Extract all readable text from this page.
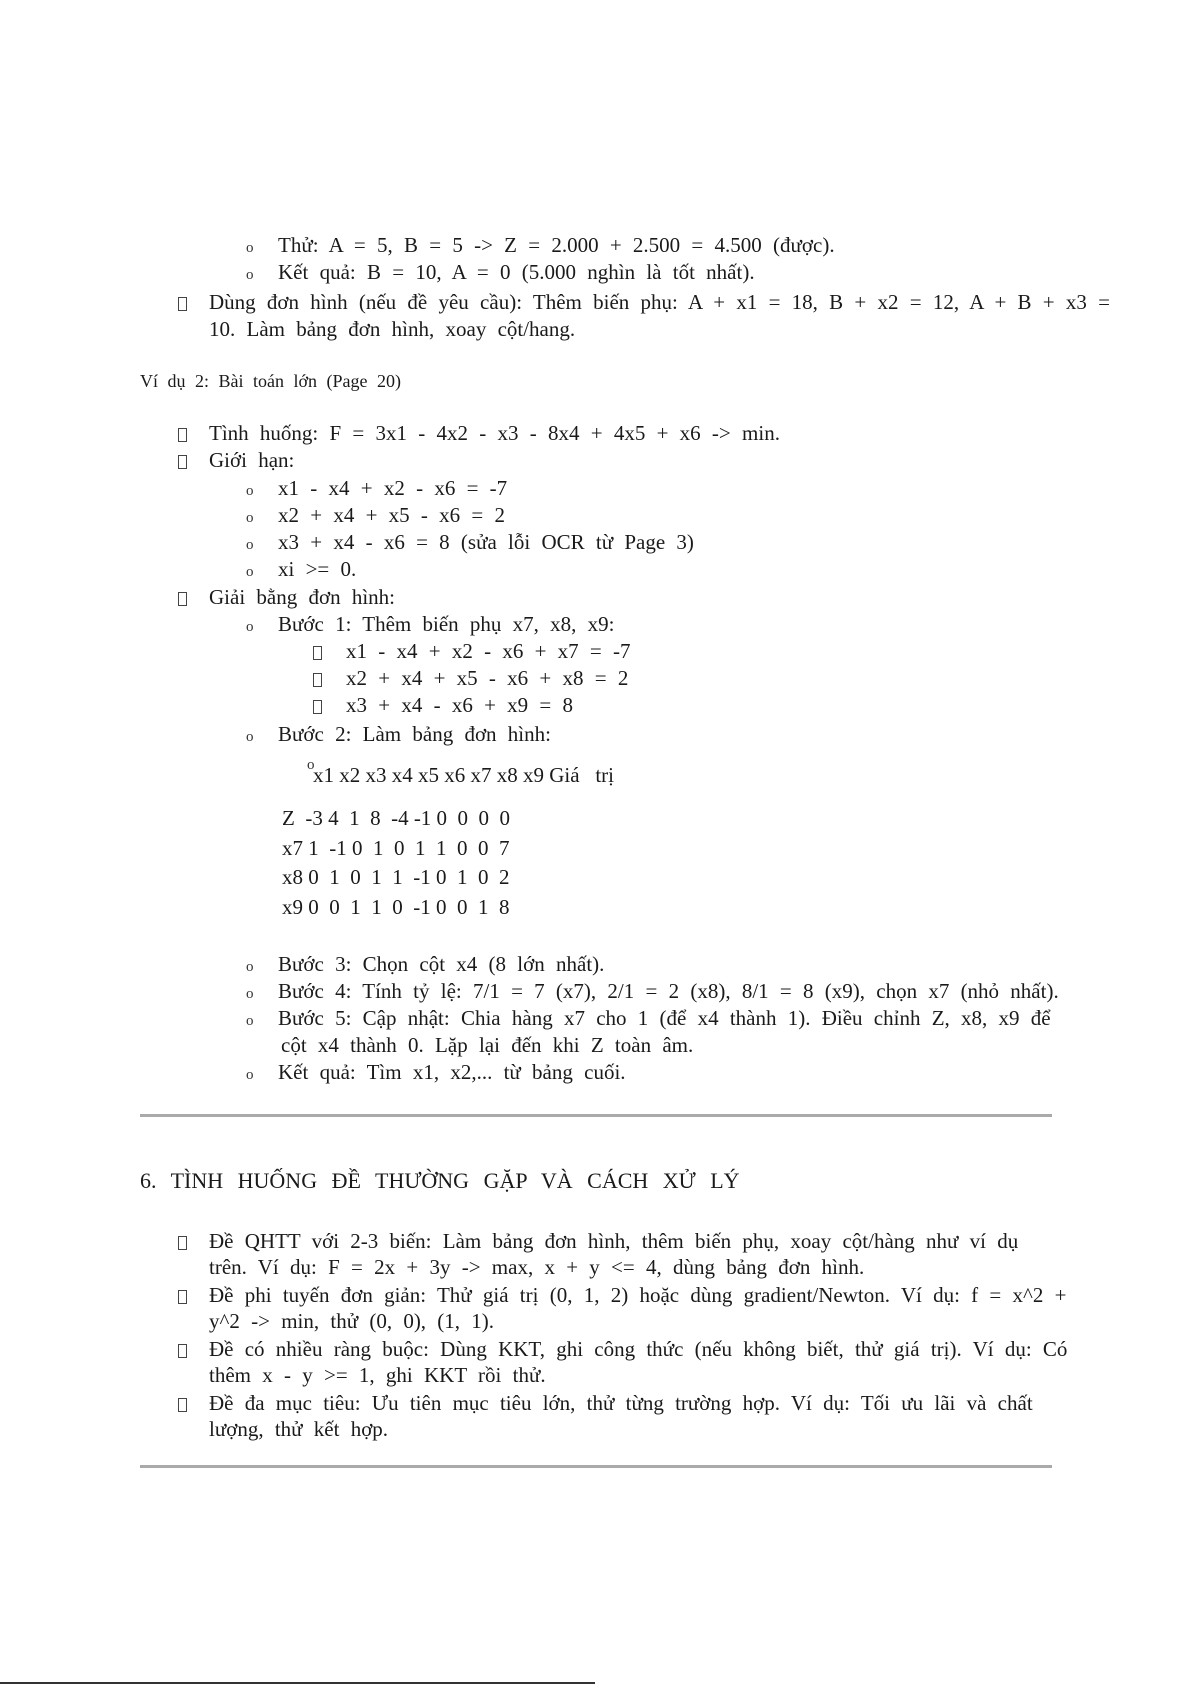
o Thử: A = 5, B = 5 -> Z = 2.000 + 2.500 = 4.500 (được).
o Kết quả: B = 10, A = 0 (5.000 nghìn là tốt nhất).
Dùng đơn hình (nếu đề yêu cầu): Thêm biến phụ: A + x1 = 18, B + x2 = 12, A + B + x3 =
10. Làm bảng đơn hình, xoay cột/hang.
Ví dụ 2: Bài toán lớn (Page 20)
Tình huống: F = 3x1 - 4x2 - x3 - 8x4 + 4x5 + x6 -> min.
Giới hạn:
o x1 - x4 + x2 - x6 = -7
o x2 + x4 + x5 - x6 = 2
o x3 + x4 - x6 = 8 (sửa lỗi OCR từ Page 3)
o xi >= 0.
Giải bằng đơn hình:
o Bước 1: Thêm biến phụ x7, x8, x9:
x1 - x4 + x2 - x6 + x7 = -7
x2 + x4 + x5 - x6 + x8 = 2
x3 + x4 - x6 + x9 = 8
o Bước 2: Làm bảng đơn hình:
o
x1 x2 x3 x4 x5 x6 x7 x8 x9 Giá   trị
Z  -3 4  1  8  -4 -1 0  0  0  0
x7 1  -1 0  1  0  1  1  0  0  7
x8 0  1  0  1  1  -1 0  1  0  2
x9 0  0  1  1  0  -1 0  0  1  8
o Bước 3: Chọn cột x4 (8 lớn nhất).
o Bước 4: Tính tỷ lệ: 7/1 = 7 (x7), 2/1 = 2 (x8), 8/1 = 8 (x9), chọn x7 (nhỏ nhất).
o Bước 5: Cập nhật: Chia hàng x7 cho 1 (để x4 thành 1). Điều chỉnh Z, x8, x9 để
cột x4 thành 0. Lặp lại đến khi Z toàn âm.
o Kết quả: Tìm x1, x2,... từ bảng cuối.
6. TÌNH HUỐNG ĐỀ THƯỜNG GẶP VÀ CÁCH XỬ LÝ
Đề QHTT với 2-3 biến: Làm bảng đơn hình, thêm biến phụ, xoay cột/hàng như ví dụ
trên. Ví dụ: F = 2x + 3y -> max, x + y <= 4, dùng bảng đơn hình.
Đề phi tuyến đơn giản: Thử giá trị (0, 1, 2) hoặc dùng gradient/Newton. Ví dụ: f = x^2 +
y^2 -> min, thử (0, 0), (1, 1).
Đề có nhiều ràng buộc: Dùng KKT, ghi công thức (nếu không biết, thử giá trị). Ví dụ: Có
thêm x - y >= 1, ghi KKT rồi thử.
Đề đa mục tiêu: Ưu tiên mục tiêu lớn, thử từng trường hợp. Ví dụ: Tối ưu lãi và chất
lượng, thử kết hợp.
